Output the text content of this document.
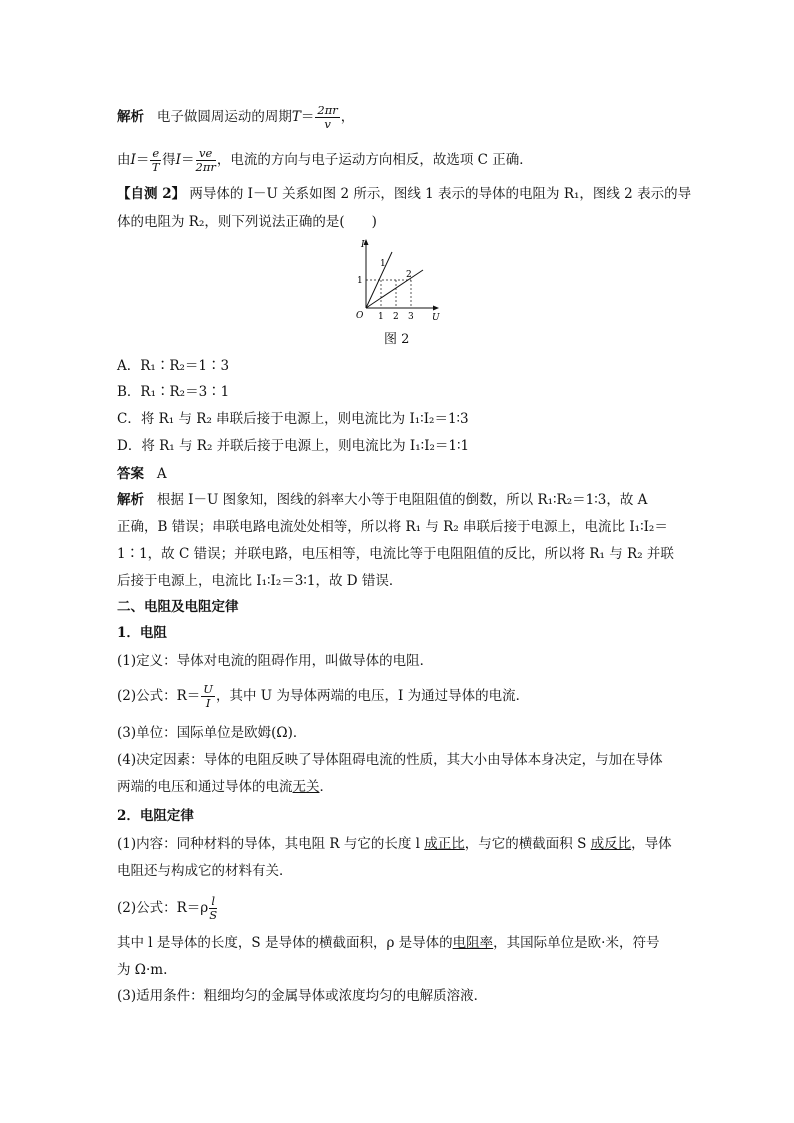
解析 电子做圆周运动的周期$T= \frac{2\pi r}{v}$ ，
由$I= \frac{e}{T}$ 得$I= \frac{ve}{2\pi r}$ ，电流的方向与电子运动方向相反，故选项 C 正确．
【自测 2】 两导体的 I－U 关系如图 2 所示，图线 1 表示的导体的电阻为 R₁，图线 2 表示的导
体的电阻为 R₂，则下列说法正确的是(　　)
I
U
O
1
2
1
1 2 3
图 2
A．R₁∶R₂＝1∶3
B．R₁∶R₂＝3∶1
C．将 R₁ 与 R₂ 串联后接于电源上，则电流比为 I₁∶I₂＝1∶3
D．将 R₁ 与 R₂ 并联后接于电源上，则电流比为 I₁∶I₂＝1∶1
答案 A
解析 根据 I－U 图象知，图线的斜率大小等于电阻阻值的倒数，所以 R₁∶R₂＝1∶3，故 A
正确，B 错误；串联电路电流处处相等，所以将 R₁ 与 R₂ 串联后接于电源上，电流比 I₁∶I₂＝
1∶1，故 C 错误；并联电路，电压相等，电流比等于电阻阻值的反比，所以将 R₁ 与 R₂ 并联
后接于电源上，电流比 I₁∶I₂＝3∶1，故 D 错误．
二、电阻及电阻定律
1．电阻
(1)定义：导体对电流的阻碍作用，叫做导体的电阻．
(2)公式：$R= \frac{U}{I}$ ，其中 U 为导体两端的电压，I 为通过导体的电流．
(3)单位：国际单位是欧姆(Ω)．
(4)决定因素：导体的电阻反映了导体阻碍电流的性质，其大小由导体本身决定，与加在导体
两端的电压和通过导体的电流无关．
2．电阻定律
(1)内容：同种材料的导体，其电阻 R 与它的长度 l 成正比，与它的横截面积 S 成反比，导体
电阻还与构成它的材料有关．
(2)公式：$R=\rho \frac{l}{S}$
其中 l 是导体的长度，S 是导体的横截面积，ρ 是导体的电阻率，其国际单位是欧·米，符号
为 Ω·m.
(3)适用条件：粗细均匀的金属导体或浓度均匀的电解质溶液．
